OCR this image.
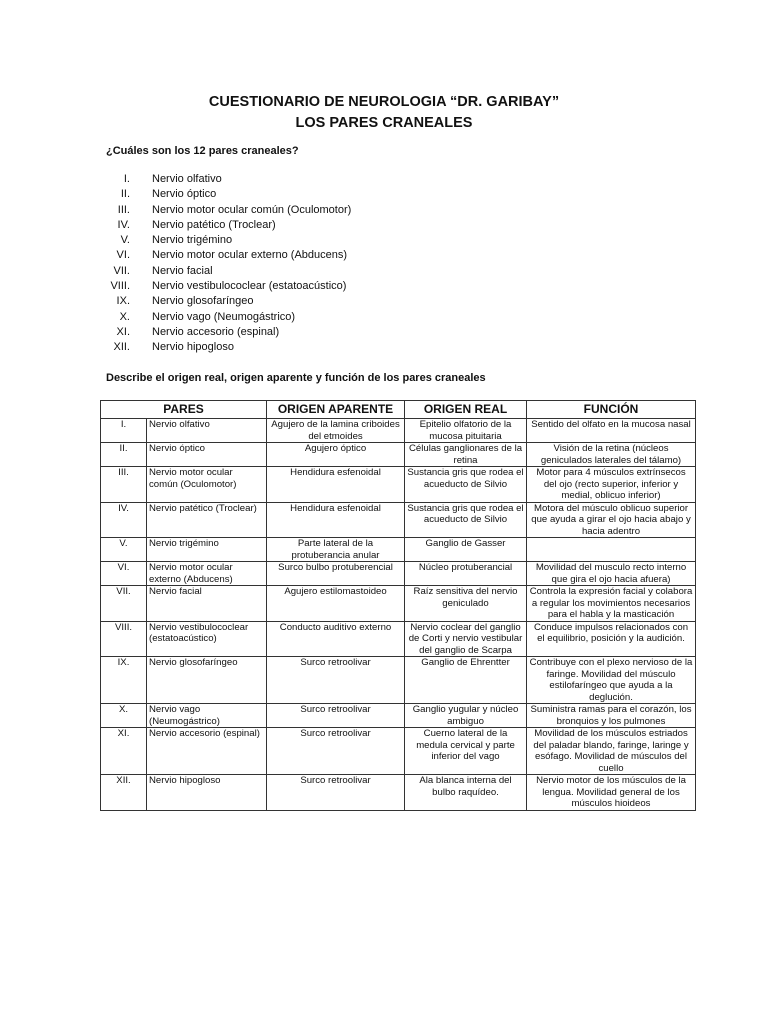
CUESTIONARIO DE NEUROLOGIA “DR. GARIBAY”

LOS PARES CRANEALES

¿Cuáles son los 12 pares craneales?
I. Nervio olfativo
II. Nervio óptico
III. Nervio motor ocular común (Oculomotor)
IV. Nervio patético (Troclear)
V. Nervio trigémino
VI. Nervio motor ocular externo (Abducens)
VII. Nervio facial
VIII. Nervio vestibulococlear (estatoacústico)
IX. Nervio glosofaríngeo
X. Nervio vago (Neumogástrico)
XI. Nervio accesorio (espinal)
XII. Nervio hipogloso
Describe el origen real, origen aparente y función de los pares craneales
PARES		ORIGEN APARENTE	ORIGEN REAL	FUNCIÓN
I.	Nervio olfativo	Agujero de la lamina criboides del etmoides	Epitelio olfatorio de la mucosa pituitaria	Sentido del olfato en la mucosa nasal
II.	Nervio óptico	Agujero óptico	Células ganglionares de la retina	Visión de la retina (núcleos geniculados laterales del tálamo)
III.	Nervio motor ocular común (Oculomotor)	Hendidura esfenoidal	Sustancia gris que rodea el acueducto de Silvio	Motor para 4 músculos extrínsecos del ojo (recto superior, inferior y medial, oblicuo inferior)
IV.	Nervio patético (Troclear)	Hendidura esfenoidal	Sustancia gris que rodea el acueducto de Silvio	Motora del músculo oblicuo superior que ayuda a girar el ojo hacia abajo y hacia adentro
V.	Nervio trigémino	Parte lateral de la protuberancia anular	Ganglio de Gasser	
VI.	Nervio motor ocular externo (Abducens)	Surco bulbo protuberencial	Núcleo protuberancial	Movilidad del musculo recto interno que gira el ojo hacia afuera)
VII.	Nervio facial	Agujero estilomastoideo	Raíz sensitiva del nervio geniculado	Controla la expresión facial y colabora a regular los movimientos necesarios para el habla y la masticación
VIII.	Nervio vestibulococlear (estatoacústico)	Conducto auditivo externo	Nervio coclear del ganglio de Corti y nervio vestibular del ganglio de Scarpa	Conduce impulsos relacionados con el equilibrio, posición y la audición.
IX.	Nervio glosofaríngeo	Surco retroolivar	Ganglio de Ehrentter	Contribuye con el plexo nervioso de la faringe. Movilidad del músculo estilofaríngeo que ayuda a la deglución.
X.	Nervio vago (Neumogástrico)	Surco retroolivar	Ganglio yugular y núcleo ambiguo	Suministra ramas para el corazón, los bronquios y los pulmones
XI.	Nervio accesorio (espinal)	Surco retroolivar	Cuerno lateral de la medula cervical y parte inferior del vago	Movilidad de los músculos estriados del paladar blando, faringe, laringe y esófago. Movilidad de músculos del cuello
XII.	Nervio hipogloso	Surco retroolivar	Ala blanca interna del bulbo raquídeo.	Nervio motor de los músculos de la lengua. Movilidad general de los músculos hioideos
